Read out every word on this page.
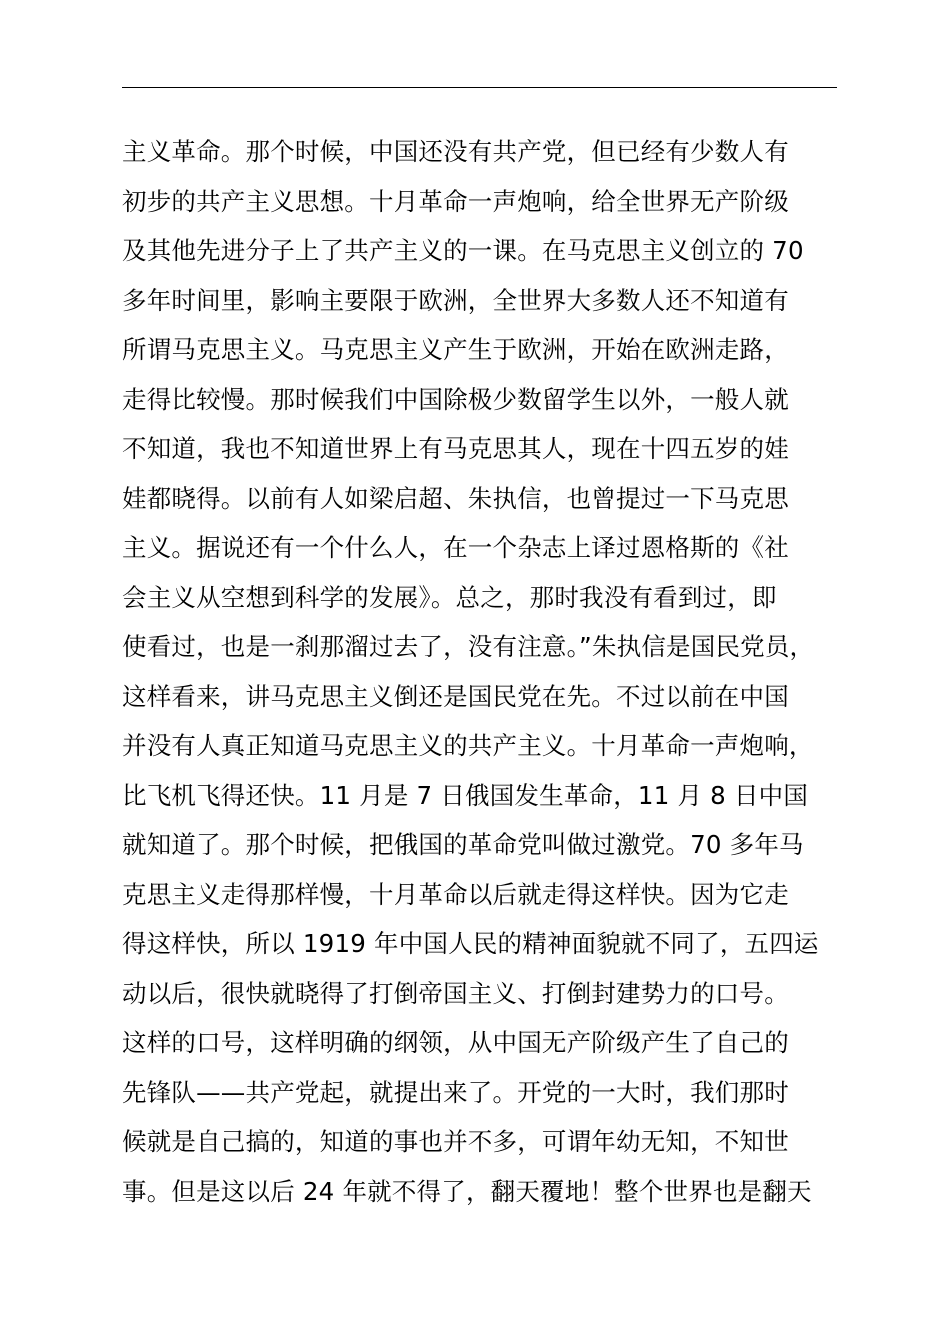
主义革命。那个时候，中国还没有共产党，但已经有少数人有
初步的共产主义思想。十月革命一声炮响，给全世界无产阶级
及其他先进分子上了共产主义的一课。在马克思主义创立的 70
多年时间里，影响主要限于欧洲，全世界大多数人还不知道有
所谓马克思主义。马克思主义产生于欧洲，开始在欧洲走路，
走得比较慢。那时候我们中国除极少数留学生以外，一般人就
不知道，我也不知道世界上有马克思其人，现在十四五岁的娃
娃都晓得。以前有人如梁启超、朱执信，也曾提过一下马克思
主义。据说还有一个什么人，在一个杂志上译过恩格斯的《社
会主义从空想到科学的发展》。总之，那时我没有看到过，即
使看过，也是一刹那溜过去了，没有注意。”朱执信是国民党员，
这样看来，讲马克思主义倒还是国民党在先。不过以前在中国
并没有人真正知道马克思主义的共产主义。十月革命一声炮响，
比飞机飞得还快。11 月是 7 日俄国发生革命，11 月 8 日中国
就知道了。那个时候，把俄国的革命党叫做过激党。70 多年马
克思主义走得那样慢，十月革命以后就走得这样快。因为它走
得这样快，所以 1919 年中国人民的精神面貌就不同了，五四运
动以后，很快就晓得了打倒帝国主义、打倒封建势力的口号。
这样的口号，这样明确的纲领，从中国无产阶级产生了自己的
先锋队——共产党起，就提出来了。开党的一大时，我们那时
候就是自己搞的，知道的事也并不多，可谓年幼无知，不知世
事。但是这以后 24 年就不得了，翻天覆地！整个世界也是翻天
